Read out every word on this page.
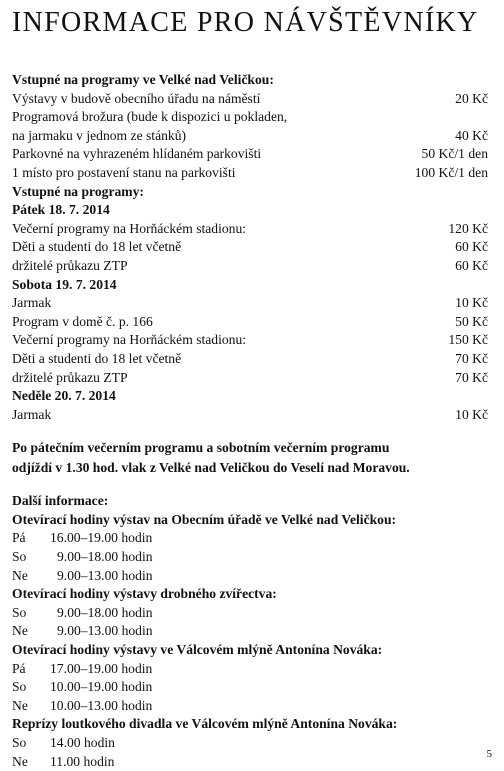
INFORMACE PRO NÁVŠTĚVNÍKY
Vstupné na programy ve Velké nad Veličkou:
Výstavy v budově obecního úřadu na náměstí	20 Kč
Programová brožura (bude k dispozici u pokladen,
na jarmaku v jednom ze stánků)	40 Kč
Parkovné na vyhrazeném hlídaném parkovišti	50 Kč/1 den
1 místo pro postavení stanu na parkovišti	100 Kč/1 den
Vstupné na programy:
Pátek 18. 7. 2014
Večerní programy na Horňáckém stadionu:	120 Kč
Děti a studenti do 18 let včetně	60 Kč
držitelé průkazu ZTP	60 Kč
Sobota 19. 7. 2014
Jarmak	10 Kč
Program v domě č. p. 166	50 Kč
Večerní programy na Horňáckém stadionu:	150 Kč
Děti a studenti do 18 let včetně	70 Kč
držitelé průkazu ZTP	70 Kč
Neděle 20. 7. 2014
Jarmak	10 Kč
Po pátečním večerním programu a sobotním večerním programu
odjíždí v 1.30 hod. vlak z Velké nad Veličkou do Veselí nad Moravou.
Další informace:
Otevírací hodiny výstav na Obecním úřadě ve Velké nad Veličkou:
Pá	16.00–19.00 hodin
So	9.00–18.00 hodin
Ne	9.00–13.00 hodin
Otevírací hodiny výstavy drobného zvířectva:
So	9.00–18.00 hodin
Ne	9.00–13.00 hodin
Otevírací hodiny výstavy ve Válcovém mlýně Antonína Nováka:
Pá	17.00–19.00 hodin
So	10.00–19.00 hodin
Ne	10.00–13.00 hodin
Reprízy loutkového divadla ve Válcovém mlýně Antonína Nováka:
So	14.00 hodin
Ne	11.00 hodin	5
